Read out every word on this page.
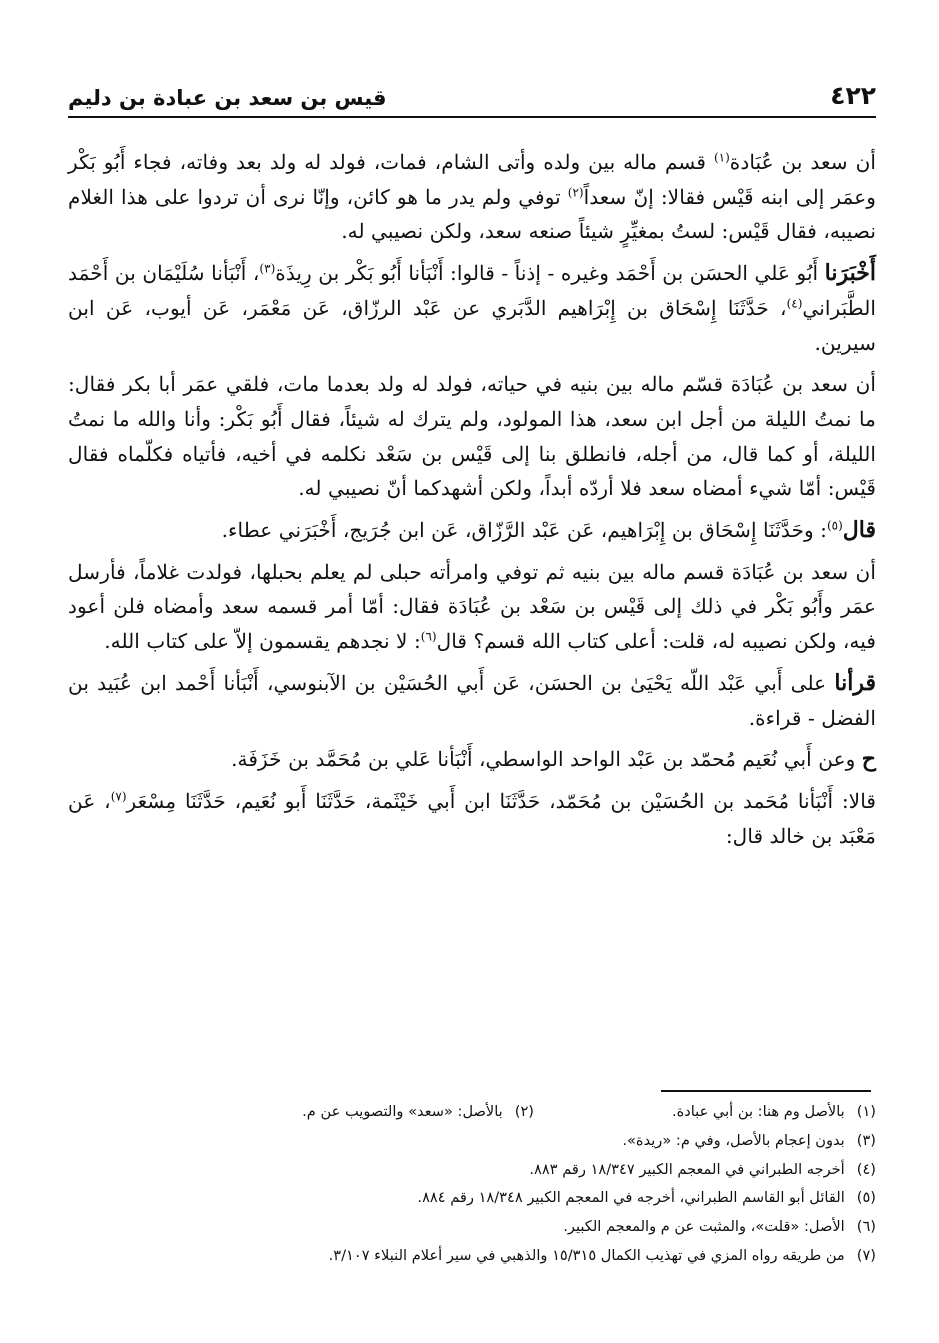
٤٢٢
قيس بن سعد بن عبادة بن دليم

أن سعد بن عُبَادة$^{(١)}$ قسم ماله بين ولده وأتى الشام، فمات، فولد له ولد بعد وفاته، فجاء أَبُو بَكْر وعمَر إلى ابنه قَيْس فقالا: إنّ سعداً$^{(٢)}$ توفي ولم يدر ما هو كائن، وإنّا نرى أن تردوا على هذا الغلام نصيبه، فقال قَيْس: لستُ بمغيِّرٍ شيئاً صنعه سعد، ولكن نصيبي له.

أَخْبَرَنا أَبُو عَلي الحسَن بن أَحْمَد وغيره - إذناً - قالوا: أَنْبَأنا أَبُو بَكْر بن رِيذَة$^{(٣)}$، أَنْبَأنا سُلَيْمَان بن أَحْمَد الطَّبَراني$^{(٤)}$، حَدَّثَنَا إِسْحَاق بن إِبْرَاهيم الدَّبَري عن عَبْد الرزّاق، عَن مَعْمَر، عَن أيوب، عَن ابن سيرين.

أن سعد بن عُبَادَة قسّم ماله بين بنيه في حياته، فولد له ولد بعدما مات، فلقي عمَر أبا بكر فقال: ما نمتُ الليلة من أجل ابن سعد، هذا المولود، ولم يترك له شيئاً، فقال أَبُو بَكْر: وأنا والله ما نمتُ الليلة، أو كما قال، من أجله، فانطلق بنا إلى قَيْس بن سَعْد نكلمه في أخيه، فأتياه فكلّماه فقال قَيْس: أمّا شيء أمضاه سعد فلا أردّه أبداً، ولكن أشهدكما أنّ نصيبي له.

قال$^{(٥)}$: وحَدَّثَنَا إِسْحَاق بن إِبْرَاهيم، عَن عَبْد الرَّزّاق، عَن ابن جُرَيج، أَخْبَرَني عطاء.

أن سعد بن عُبَادَة قسم ماله بين بنيه ثم توفي وامرأته حبلى لم يعلم بحبلها، فولدت غلاماً، فأرسل عمَر وأَبُو بَكْر في ذلك إلى قَيْس بن سَعْد بن عُبَادَة فقال: أمّا أمر قسمه سعد وأمضاه فلن أعود فيه، ولكن نصيبه له، قلت: أعلى كتاب الله قسم؟ قال$^{(٦)}$: لا نجدهم يقسمون إلاّ على كتاب الله.

قرأنا على أَبي عَبْد اللّه يَحْيَىٰ بن الحسَن، عَن أَبي الحُسَيْن بن الآبنوسي، أَنْبَأنا أَحْمد ابن عُبَيد بن الفضل - قراءة.

ح وعن أَبي نُعَيم مُحمّد بن عَبْد الواحد الواسطي، أَنْبَأنا عَلي بن مُحَمَّد بن خَزَفَة.

قالا: أَنْبَأنا مُحَمد بن الحُسَيْن بن مُحَمّد، حَدَّثَنَا ابن أَبي خَيْثَمة، حَدَّثَنَا أَبو نُعَيم، حَدَّثَنَا مِسْعَر$^{(٧)}$، عَن مَعْبَد بن خالد قال:

(١)بالأصل وم هنا: بن أبي عبادة.
(٢)بالأصل: «سعد» والتصويب عن م.
(٣)
بدون إعجام بالأصل، وفي م: «ريدة».
(٤)
أخرجه الطبراني في المعجم الكبير ١٨/٣٤٧ رقم ٨٨٣.
(٥)
القائل أبو القاسم الطبراني، أخرجه في المعجم الكبير ١٨/٣٤٨ رقم ٨٨٤.
(٦)
الأصل: «قلت»، والمثبت عن م والمعجم الكبير.
(٧)
من طريقه رواه المزي في تهذيب الكمال ١٥/٣١٥ والذهبي في سير أعلام النبلاء ٣/١٠٧.
